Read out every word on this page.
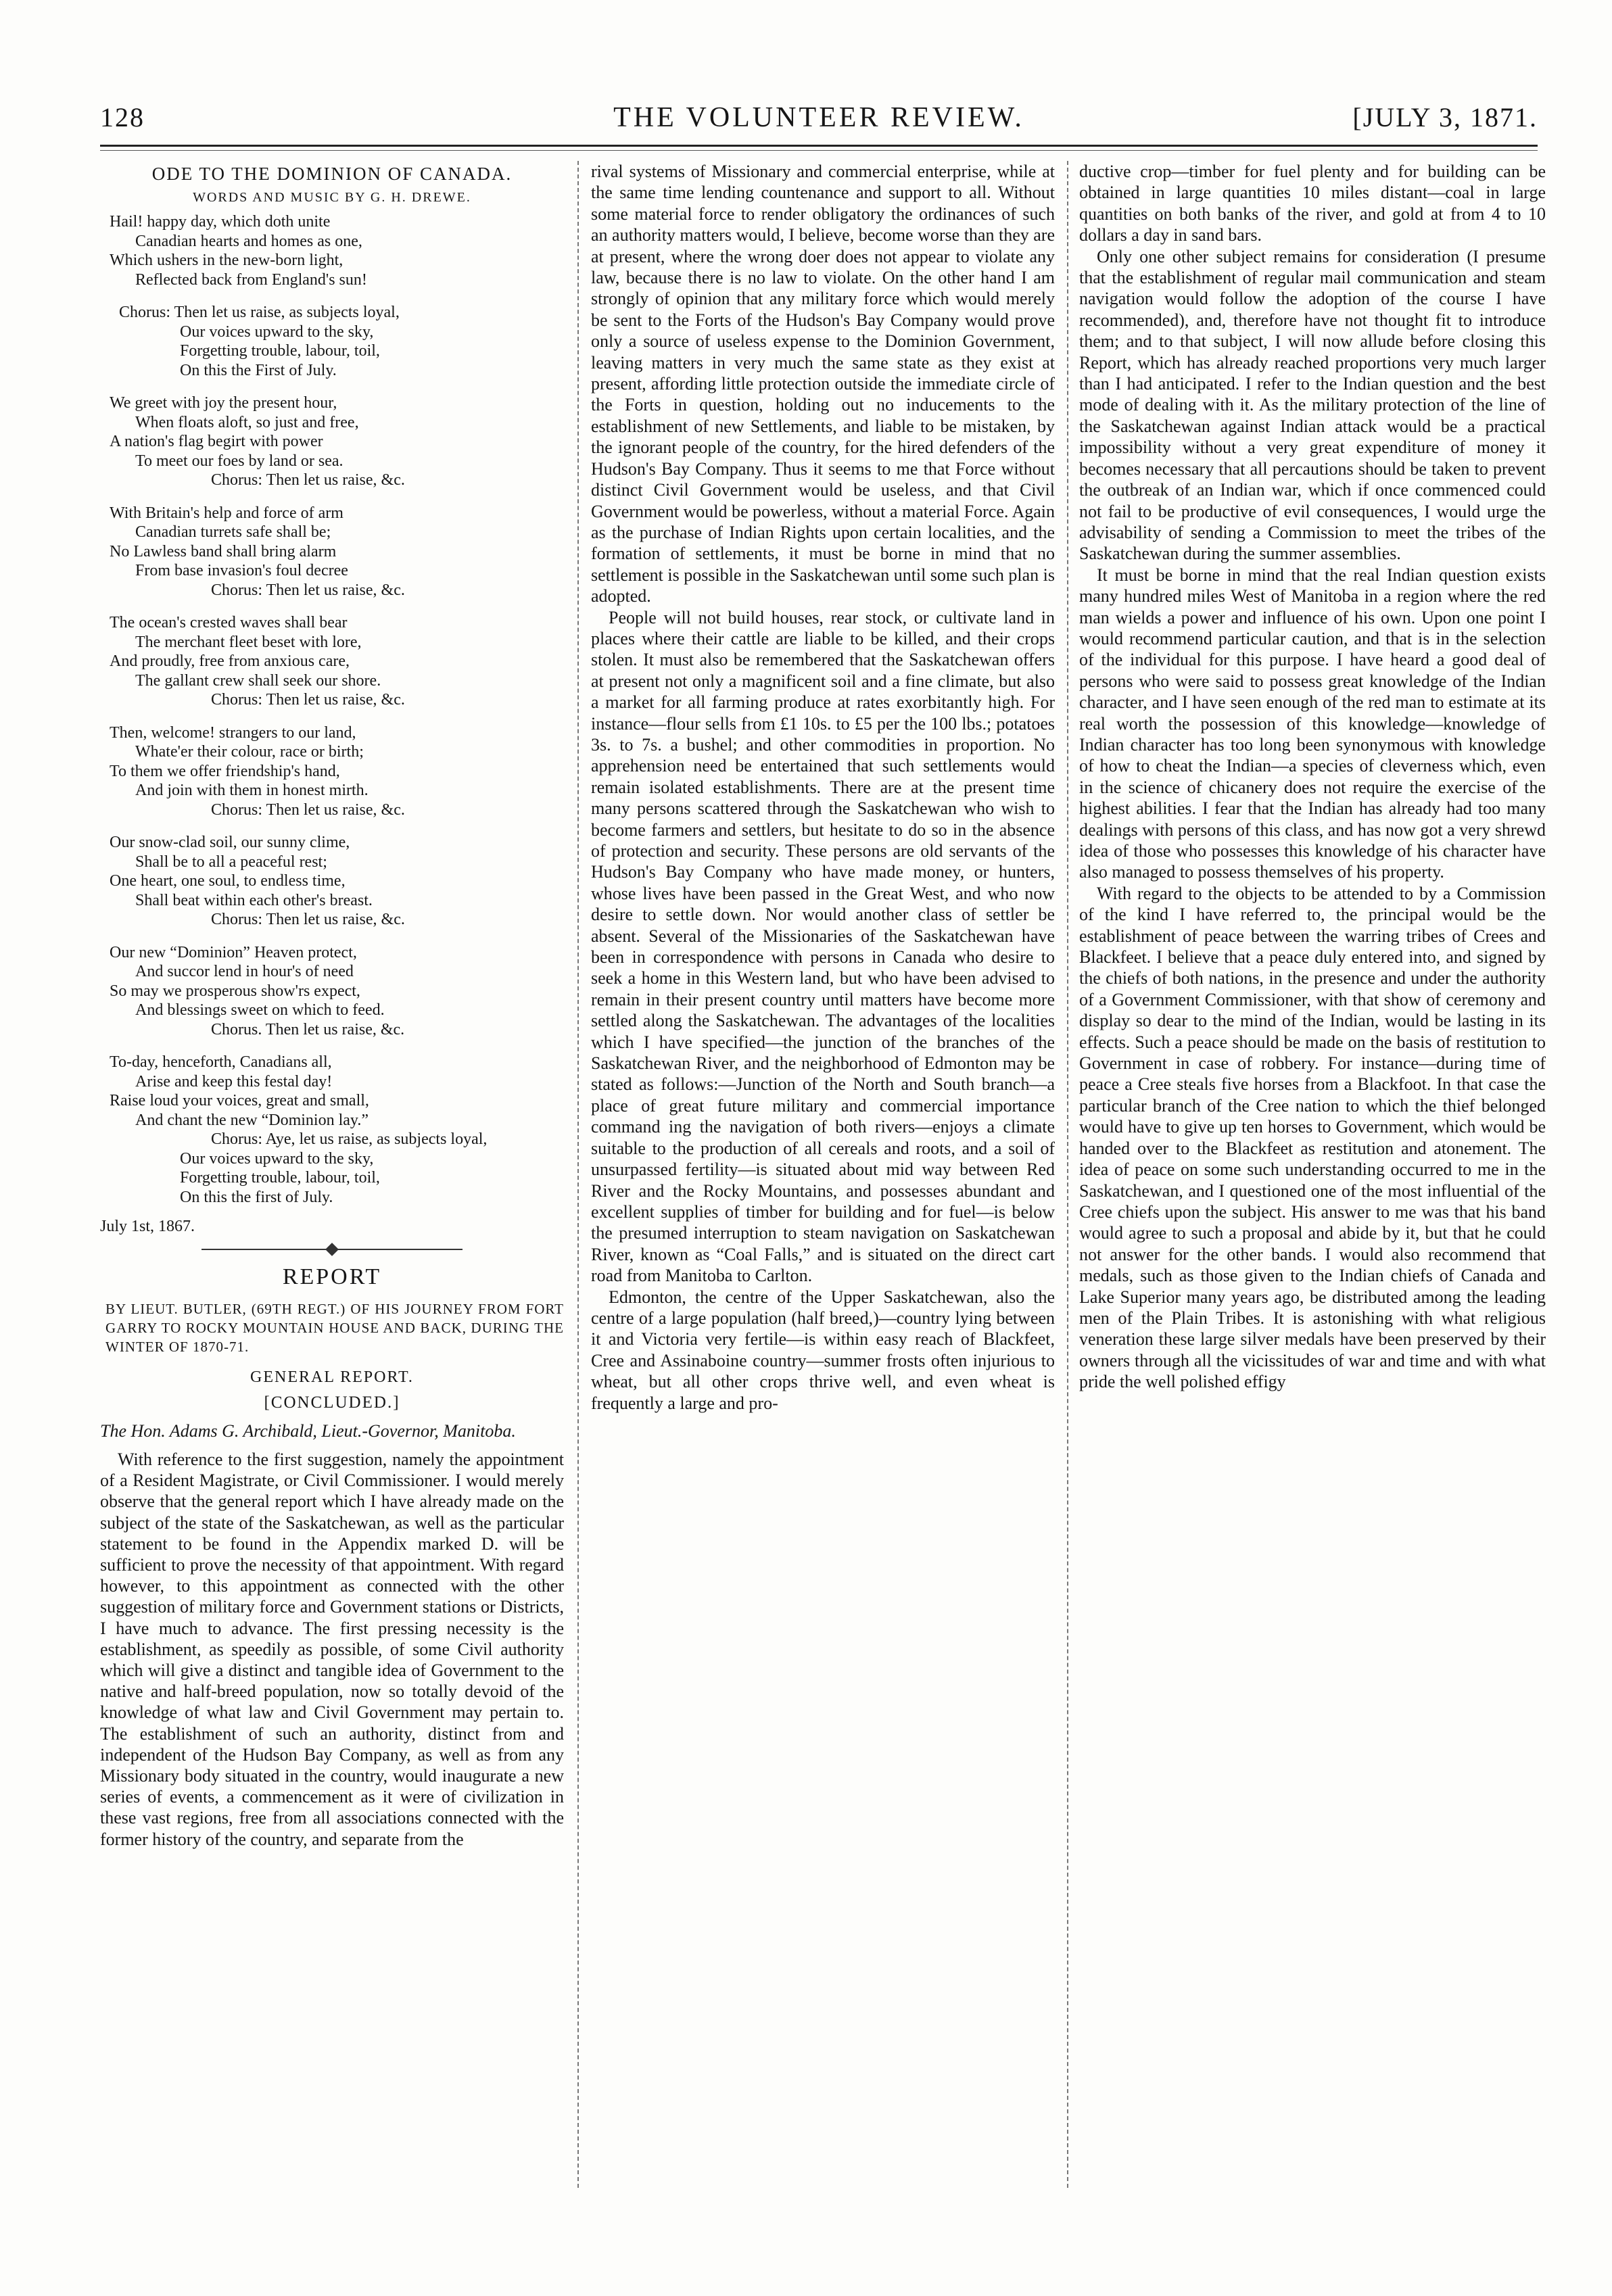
128	THE VOLUNTEER REVIEW.	[JULY 3, 1871.
ODE TO THE DOMINION OF CANADA.
WORDS AND MUSIC BY G. H. DREWE.
Hail! happy day, which doth unite
Canadian hearts and homes as one,
Which ushers in the new-born light,
Reflected back from England's sun!
Chorus: Then let us raise, as subjects loyal,
Our voices upward to the sky,
Forgetting trouble, labour, toil,
On this the First of July.
We greet with joy the present hour,
When floats aloft, so just and free,
A nation's flag begirt with power
To meet our foes by land or sea.
Chorus: Then let us raise, &c.
With Britain's help and force of arm
Canadian turrets safe shall be;
No Lawless band shall bring alarm
From base invasion's foul decree
Chorus: Then let us raise, &c.
The ocean's crested waves shall bear
The merchant fleet beset with lore,
And proudly, free from anxious care,
The gallant crew shall seek our shore.
Chorus: Then let us raise, &c.
Then, welcome! strangers to our land,
Whate'er their colour, race or birth;
To them we offer friendship's hand,
And join with them in honest mirth.
Chorus: Then let us raise, &c.
Our snow-clad soil, our sunny clime,
Shall be to all a peaceful rest;
One heart, one soul, to endless time,
Shall beat within each other's breast.
Chorus: Then let us raise, &c.
Our new “Dominion” Heaven protect,
And succor lend in hour's of need
So may we prosperous show'rs expect,
And blessings sweet on which to feed.
Chorus. Then let us raise, &c.
To-day, henceforth, Canadians all,
Arise and keep this festal day!
Raise loud your voices, great and small,
And chant the new “Dominion lay.”
Chorus: Aye, let us raise, as subjects loyal,
Our voices upward to the sky,
Forgetting trouble, labour, toil,
On this the first of July.
July 1st, 1867.
REPORT
BY LIEUT. BUTLER, (69TH REGT.) OF HIS JOURNEY FROM FORT GARRY TO ROCKY MOUNTAIN HOUSE AND BACK, DURING THE WINTER OF 1870-71.
GENERAL REPORT.
[CONCLUDED.]
The Hon. Adams G. Archibald, Lieut.-Governor, Manitoba.

With reference to the first suggestion, namely the appointment of a Resident Magistrate, or Civil Commissioner. I would merely observe that the general report which I have already made on the subject of the state of the Saskatchewan, as well as the particular statement to be found in the Appendix marked D. will be sufficient to prove the necessity of that appointment. With regard however, to this appointment as connected with the other suggestion of military force and Government stations or Districts, I have much to advance. The first pressing necessity is the establishment, as speedily as possible, of some Civil authority which will give a distinct and tangible idea of Government to the native and half-breed population, now so totally devoid of the knowledge of what law and Civil Government may pertain to. The establishment of such an authority, distinct from and independent of the Hudson Bay Company, as well as from any Missionary body situated in the country, would inaugurate a new series of events, a commencement as it were of civilization in these vast regions, free from all associations connected with the former history of the country, and separate from the

rival systems of Missionary and commercial enterprise, while at the same time lending countenance and support to all. Without some material force to render obligatory the ordinances of such an authority matters would, I believe, become worse than they are at present, where the wrong doer does not appear to violate any law, because there is no law to violate. On the other hand I am strongly of opinion that any military force which would merely be sent to the Forts of the Hudson's Bay Company would prove only a source of useless expense to the Dominion Government, leaving matters in very much the same state as they exist at present, affording little protection outside the immediate circle of the Forts in question, holding out no inducements to the establishment of new Settlements, and liable to be mistaken, by the ignorant people of the country, for the hired defenders of the Hudson's Bay Company. Thus it seems to me that Force without distinct Civil Government would be useless, and that Civil Government would be powerless, without a material Force. Again as the purchase of Indian Rights upon certain localities, and the formation of settlements, it must be borne in mind that no settlement is possible in the Saskatchewan until some such plan is adopted.

People will not build houses, rear stock, or cultivate land in places where their cattle are liable to be killed, and their crops stolen. It must also be remembered that the Saskatchewan offers at present not only a magnificent soil and a fine climate, but also a market for all farming produce at rates exorbitantly high. For instance—flour sells from £1 10s. to £5 per the 100 lbs.; potatoes 3s. to 7s. a bushel; and other commodities in proportion. No apprehension need be entertained that such settlements would remain isolated establishments. There are at the present time many persons scattered through the Saskatchewan who wish to become farmers and settlers, but hesitate to do so in the absence of protection and security. These persons are old servants of the Hudson's Bay Company who have made money, or hunters, whose lives have been passed in the Great West, and who now desire to settle down. Nor would another class of settler be absent. Several of the Missionaries of the Saskatchewan have been in correspondence with persons in Canada who desire to seek a home in this Western land, but who have been advised to remain in their present country until matters have become more settled along the Saskatchewan. The advantages of the localities which I have specified—the junction of the branches of the Saskatchewan River, and the neighborhood of Edmonton may be stated as follows:—Junction of the North and South branch—a place of great future military and commercial importance command ing the navigation of both rivers—enjoys a climate suitable to the production of all cereals and roots, and a soil of unsurpassed fertility—is situated about mid way between Red River and the Rocky Mountains, and possesses abundant and excellent supplies of timber for building and for fuel—is below the presumed interruption to steam navigation on Saskatchewan River, known as “Coal Falls,” and is situated on the direct cart road from Manitoba to Carlton.

Edmonton, the centre of the Upper Saskatchewan, also the centre of a large population (half breed,)—country lying between it and Victoria very fertile—is within easy reach of Blackfeet, Cree and Assinaboine country—summer frosts often injurious to wheat, but all other crops thrive well, and even wheat is frequently a large and pro-

ductive crop—timber for fuel plenty and for building can be obtained in large quantities 10 miles distant—coal in large quantities on both banks of the river, and gold at from 4 to 10 dollars a day in sand bars.

Only one other subject remains for consideration (I presume that the establishment of regular mail communication and steam navigation would follow the adoption of the course I have recommended), and, therefore have not thought fit to introduce them; and to that subject, I will now allude before closing this Report, which has already reached proportions very much larger than I had anticipated. I refer to the Indian question and the best mode of dealing with it. As the military protection of the line of the Saskatchewan against Indian attack would be a practical impossibility without a very great expenditure of money it becomes necessary that all percautions should be taken to prevent the outbreak of an Indian war, which if once commenced could not fail to be productive of evil consequences, I would urge the advisability of sending a Commission to meet the tribes of the Saskatchewan during the summer assemblies.

It must be borne in mind that the real Indian question exists many hundred miles West of Manitoba in a region where the red man wields a power and influence of his own. Upon one point I would recommend particular caution, and that is in the selection of the individual for this purpose. I have heard a good deal of persons who were said to possess great knowledge of the Indian character, and I have seen enough of the red man to estimate at its real worth the possession of this knowledge—knowledge of Indian character has too long been synonymous with knowledge of how to cheat the Indian—a species of cleverness which, even in the science of chicanery does not require the exercise of the highest abilities. I fear that the Indian has already had too many dealings with persons of this class, and has now got a very shrewd idea of those who possesses this knowledge of his character have also managed to possess themselves of his property.

With regard to the objects to be attended to by a Commission of the kind I have referred to, the principal would be the establishment of peace between the warring tribes of Crees and Blackfeet. I believe that a peace duly entered into, and signed by the chiefs of both nations, in the presence and under the authority of a Government Commissioner, with that show of ceremony and display so dear to the mind of the Indian, would be lasting in its effects. Such a peace should be made on the basis of restitution to Government in case of robbery. For instance—during time of peace a Cree steals five horses from a Blackfoot. In that case the particular branch of the Cree nation to which the thief belonged would have to give up ten horses to Government, which would be handed over to the Blackfeet as restitution and atonement. The idea of peace on some such understanding occurred to me in the Saskatchewan, and I questioned one of the most influential of the Cree chiefs upon the subject. His answer to me was that his band would agree to such a proposal and abide by it, but that he could not answer for the other bands. I would also recommend that medals, such as those given to the Indian chiefs of Canada and Lake Superior many years ago, be distributed among the leading men of the Plain Tribes. It is astonishing with what religious veneration these large silver medals have been preserved by their owners through all the vicissitudes of war and time and with what pride the well polished effigy
